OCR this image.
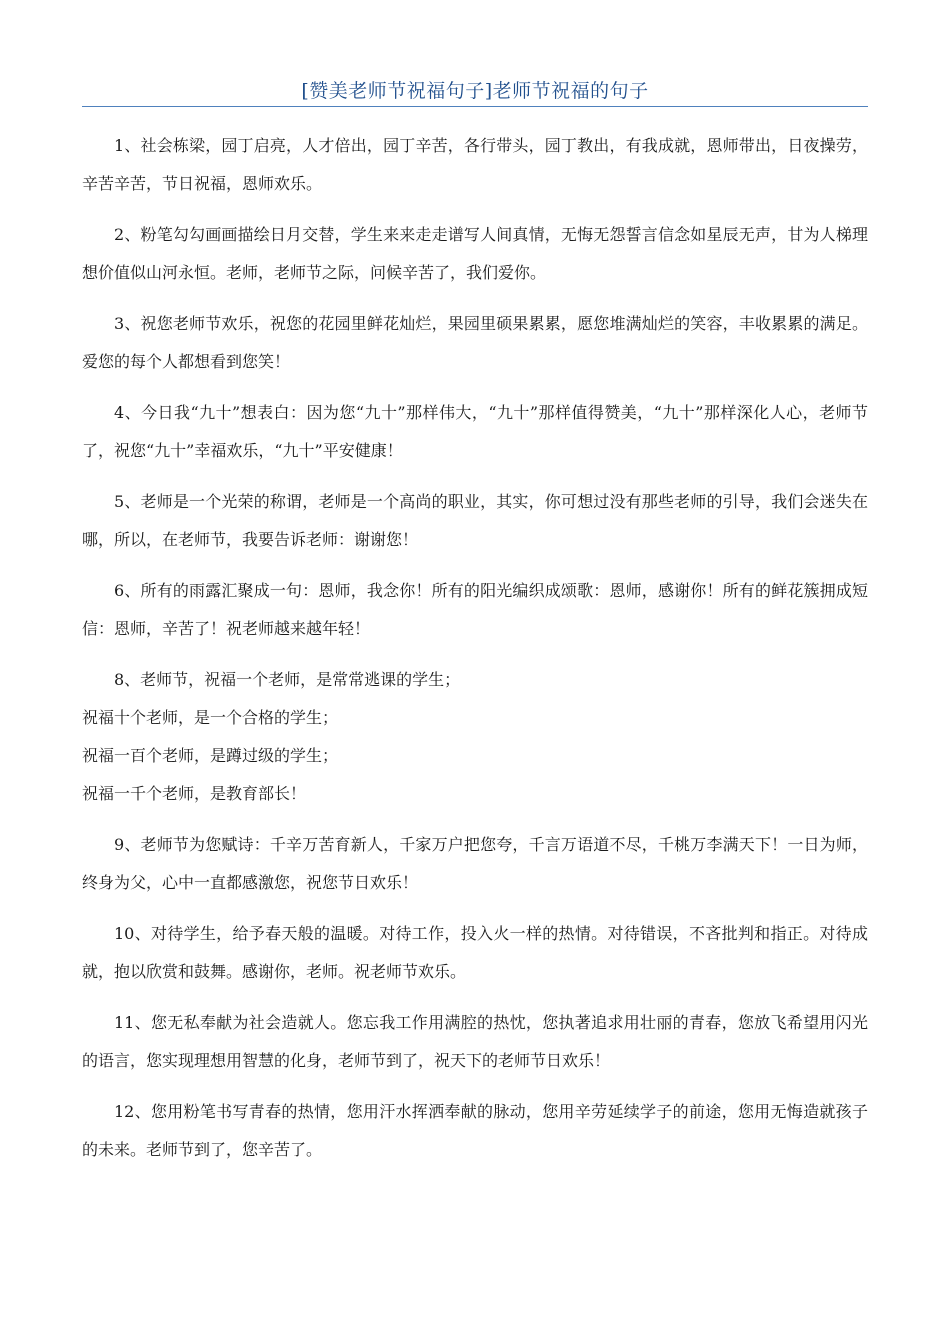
[赞美老师节祝福句子]老师节祝福的句子

1、社会栋梁，园丁启亮，人才倍出，园丁辛苦，各行带头，园丁教出，有我成就，恩师带出，日夜操劳，辛苦辛苦，节日祝福，恩师欢乐。

2、粉笔勾勾画画描绘日月交替，学生来来走走谱写人间真情，无悔无怨誓言信念如星辰无声，甘为人梯理想价值似山河永恒。老师，老师节之际，问候辛苦了，我们爱你。

3、祝您老师节欢乐，祝您的花园里鲜花灿烂，果园里硕果累累，愿您堆满灿烂的笑容，丰收累累的满足。爱您的每个人都想看到您笑！

4、今日我“九十”想表白：因为您“九十”那样伟大，“九十”那样值得赞美，“九十”那样深化人心，老师节了，祝您“九十”幸福欢乐，“九十”平安健康！

5、老师是一个光荣的称谓，老师是一个高尚的职业，其实，你可想过没有那些老师的引导，我们会迷失在哪，所以，在老师节，我要告诉老师：谢谢您！

6、所有的雨露汇聚成一句：恩师，我念你！所有的阳光编织成颂歌：恩师，感谢你！所有的鲜花簇拥成短信：恩师，辛苦了！祝老师越来越年轻！

8、老师节，祝福一个老师，是常常逃课的学生；

祝福十个老师，是一个合格的学生；

祝福一百个老师，是蹲过级的学生；

祝福一千个老师，是教育部长！

9、老师节为您赋诗：千辛万苦育新人，千家万户把您夸，千言万语道不尽，千桃万李满天下！一日为师，终身为父，心中一直都感激您，祝您节日欢乐！

10、对待学生，给予春天般的温暖。对待工作，投入火一样的热情。对待错误，不吝批判和指正。对待成就，抱以欣赏和鼓舞。感谢你，老师。祝老师节欢乐。

11、您无私奉献为社会造就人。您忘我工作用满腔的热忱，您执著追求用壮丽的青春，您放飞希望用闪光的语言，您实现理想用智慧的化身，老师节到了，祝天下的老师节日欢乐！

12、您用粉笔书写青春的热情，您用汗水挥洒奉献的脉动，您用辛劳延续学子的前途，您用无悔造就孩子的未来。老师节到了，您辛苦了。
